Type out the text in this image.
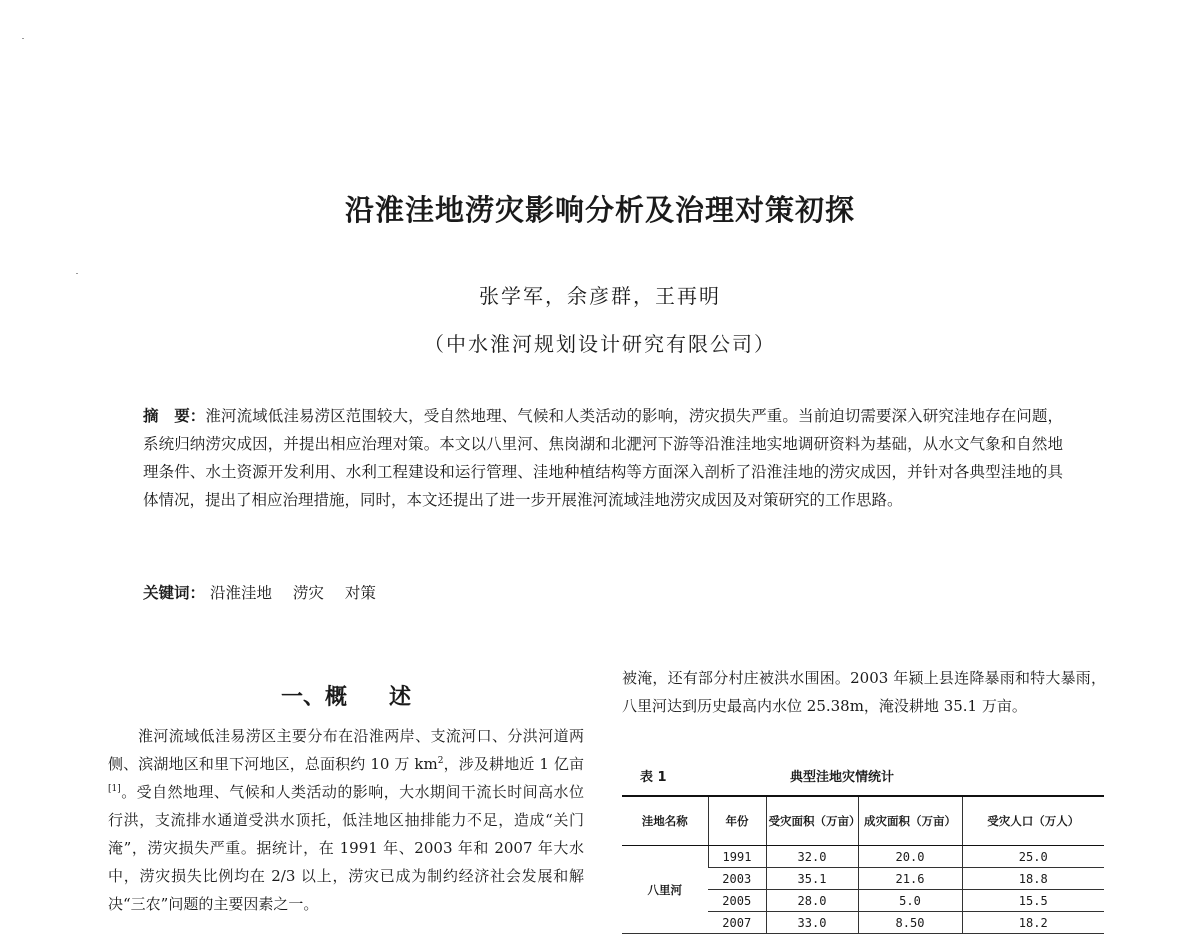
沿淮洼地涝灾影响分析及治理对策初探
张学军，余彦群，王再明
（中水淮河规划设计研究有限公司）
摘　要：淮河流域低洼易涝区范围较大，受自然地理、气候和人类活动的影响，涝灾损失严重。当前迫切需要深入研究洼地存在问题，系统归纳涝灾成因，并提出相应治理对策。本文以八里河、焦岗湖和北淝河下游等沿淮洼地实地调研资料为基础，从水文气象和自然地理条件、水土资源开发利用、水利工程建设和运行管理、洼地种植结构等方面深入剖析了沿淮洼地的涝灾成因，并针对各典型洼地的具体情况，提出了相应治理措施，同时，本文还提出了进一步开展淮河流域洼地涝灾成因及对策研究的工作思路。
关键词： 沿淮洼地 涝灾 对策
一、概 述
淮河流域低洼易涝区主要分布在沿淮两岸、支流河口、分洪河道两侧、滨湖地区和里下河地区，总面积约 10 万 $km^2$，涉及耕地近 1 亿亩[1]。受自然地理、气候和人类活动的影响，大水期间干流长时间高水位行洪，支流排水通道受洪水顶托，低洼地区抽排能力不足，造成“关门淹”，涝灾损失严重。据统计，在 1991 年、2003 年和 2007 年大水中，涝灾损失比例均在 2/3 以上，涝灾已成为制约经济社会发展和解决“三农”问题的主要因素之一。
被淹，还有部分村庄被洪水围困。2003 年颍上县连降暴雨和特大暴雨，八里河达到历史最高内水位 25.38m，淹没耕地 35.1 万亩。
表 1	典型洼地灾情统计
洼地名称	年份	受灾面积（万亩）	成灾面积（万亩）	受灾人口（万人）
八里河	1991	32.0	20.0	25.0
	2003	35.1	21.6	18.8
	2005	28.0	5.0	15.5
	2007	33.0	8.50	18.2
